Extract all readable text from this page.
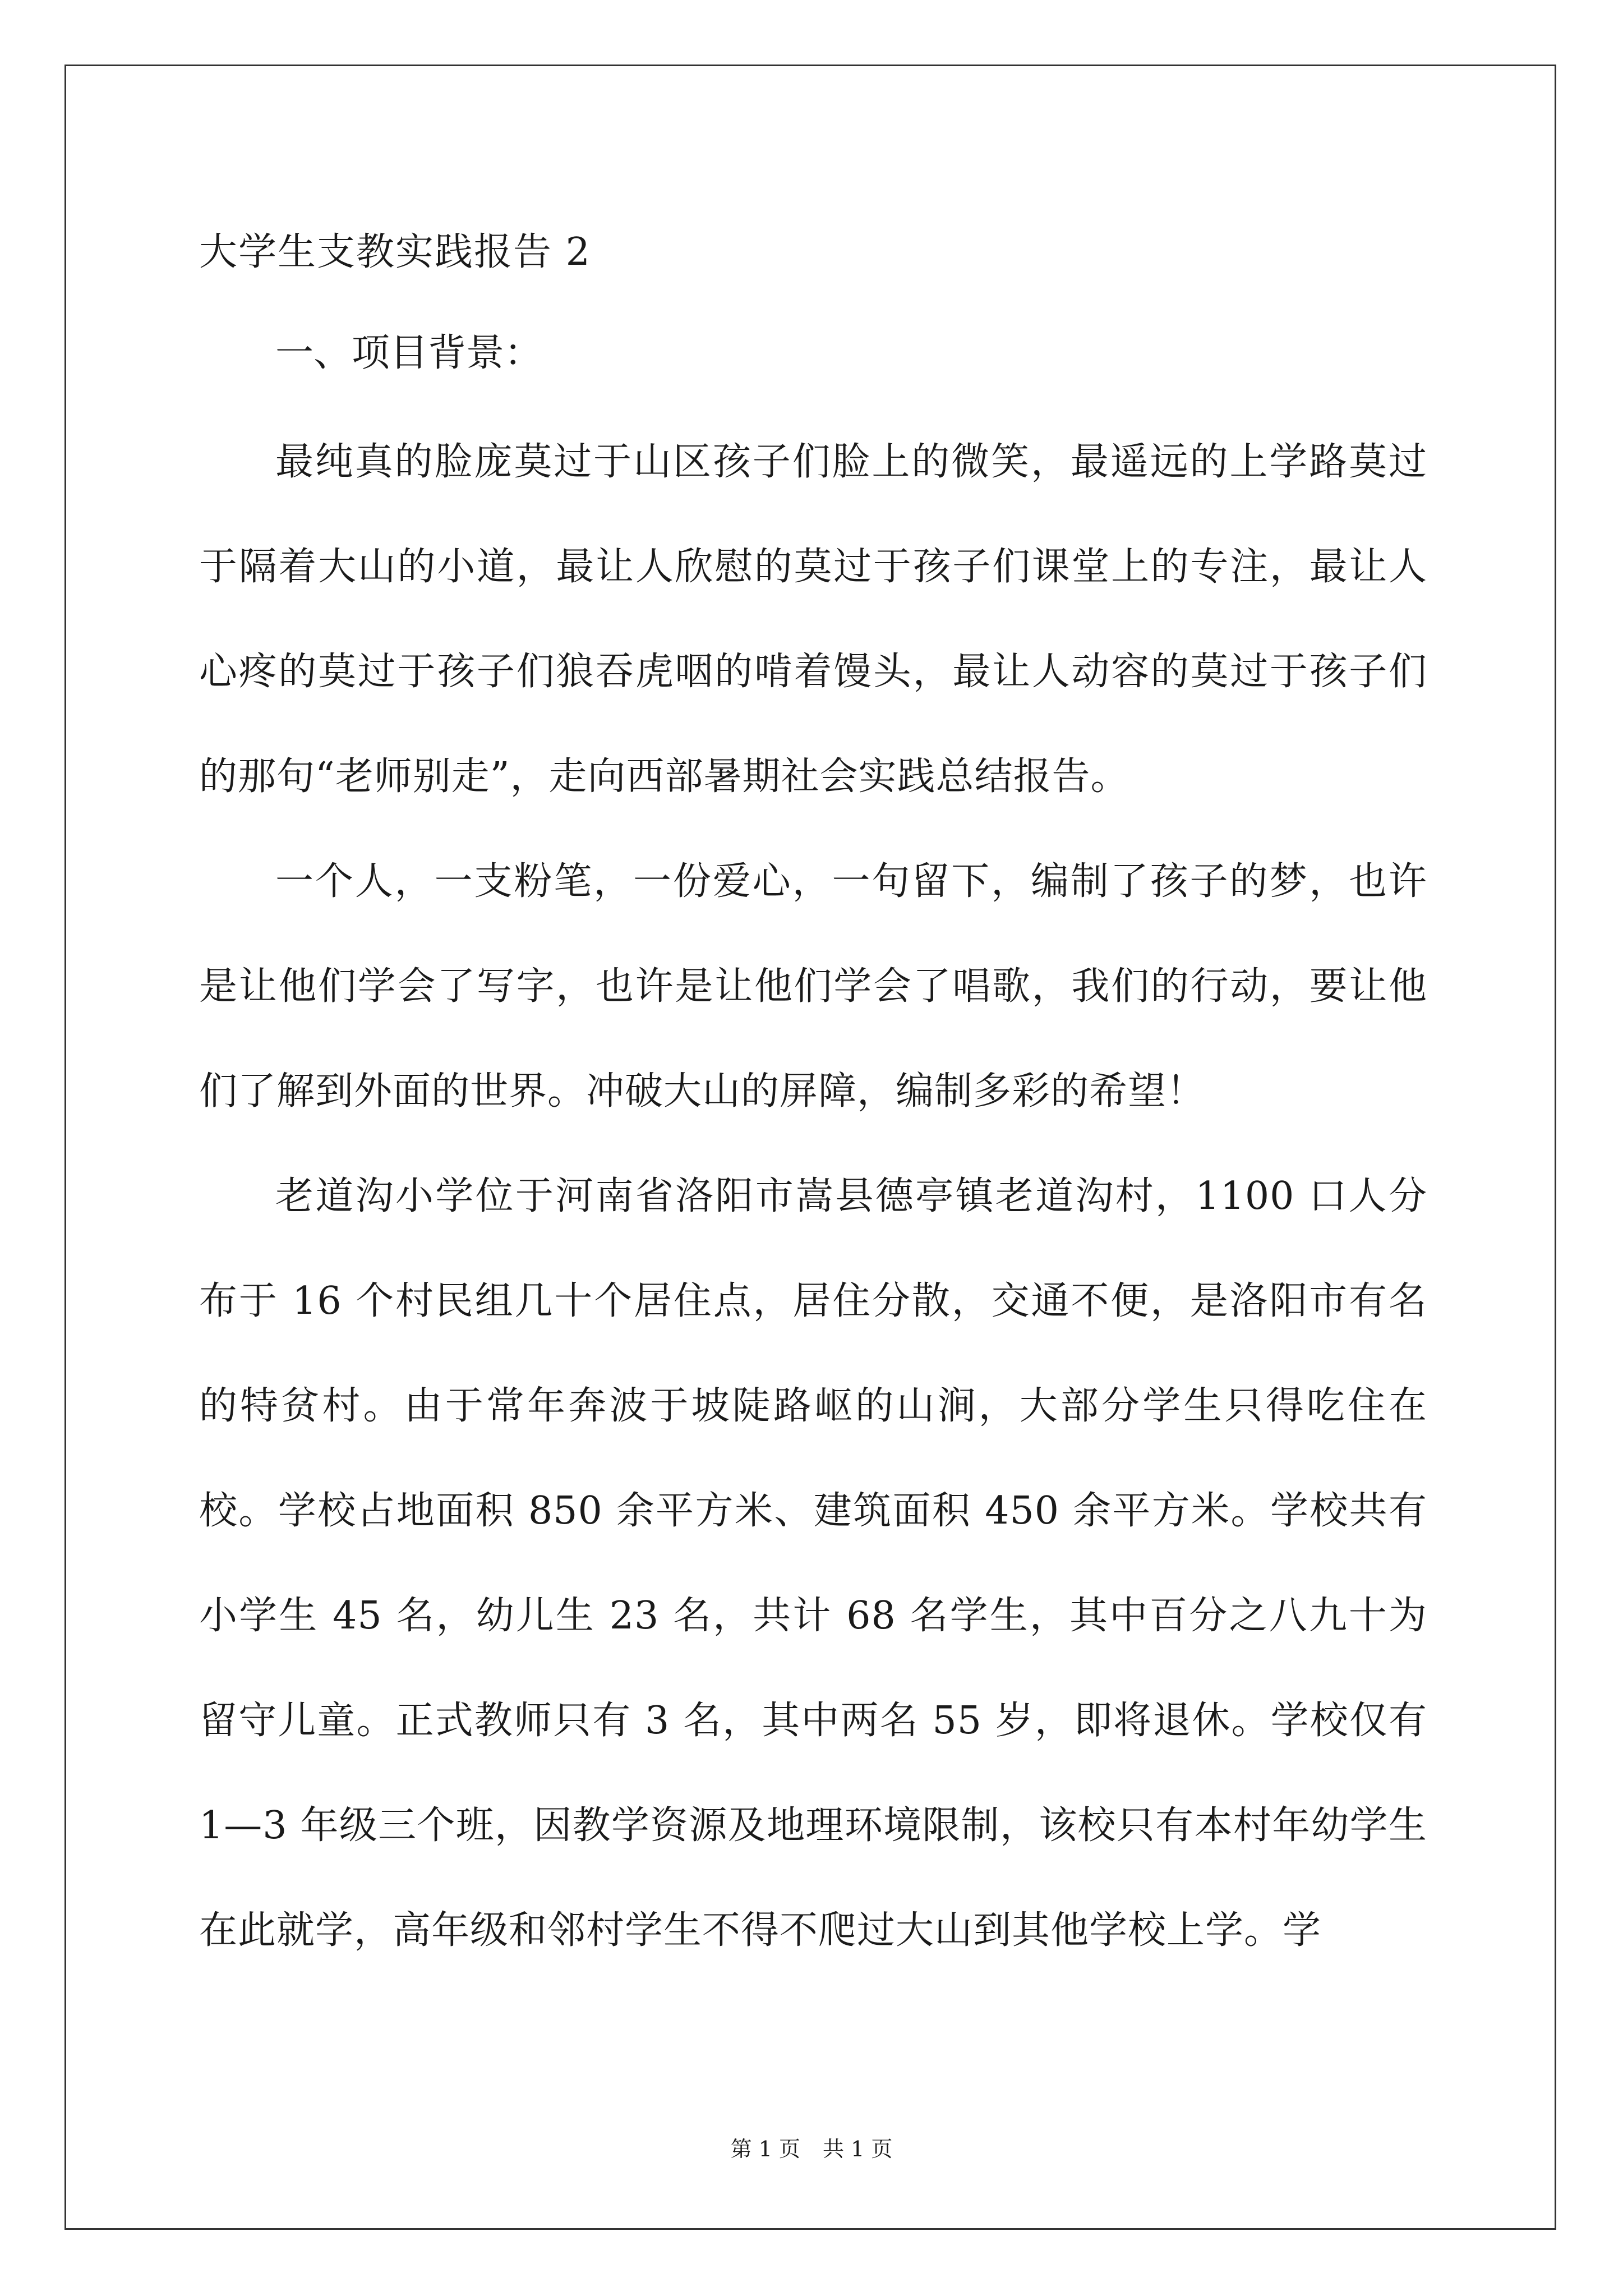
大学生支教实践报告 2

一、项目背景：

最纯真的脸庞莫过于山区孩子们脸上的微笑，最遥远的上学路莫过于隔着大山的小道，最让人欣慰的莫过于孩子们课堂上的专注，最让人心疼的莫过于孩子们狼吞虎咽的啃着馒头，最让人动容的莫过于孩子们的那句“老师别走”，走向西部暑期社会实践总结报告。

一个人，一支粉笔，一份爱心，一句留下，编制了孩子的梦，也许是让他们学会了写字，也许是让他们学会了唱歌，我们的行动，要让他们了解到外面的世界。冲破大山的屏障，编制多彩的希望！

老道沟小学位于河南省洛阳市嵩县德亭镇老道沟村，1100 口人分布于 16 个村民组几十个居住点，居住分散，交通不便，是洛阳市有名的特贫村。由于常年奔波于坡陡路岖的山涧，大部分学生只得吃住在校。学校占地面积 850 余平方米、建筑面积 450 余平方米。学校共有小学生 45 名，幼儿生 23 名，共计 68 名学生，其中百分之八九十为留守儿童。正式教师只有 3 名，其中两名 55 岁，即将退休。学校仅有 1—3 年级三个班，因教学资源及地理环境限制，该校只有本村年幼学生在此就学，高年级和邻村学生不得不爬过大山到其他学校上学。学

第 1 页 共 1 页
